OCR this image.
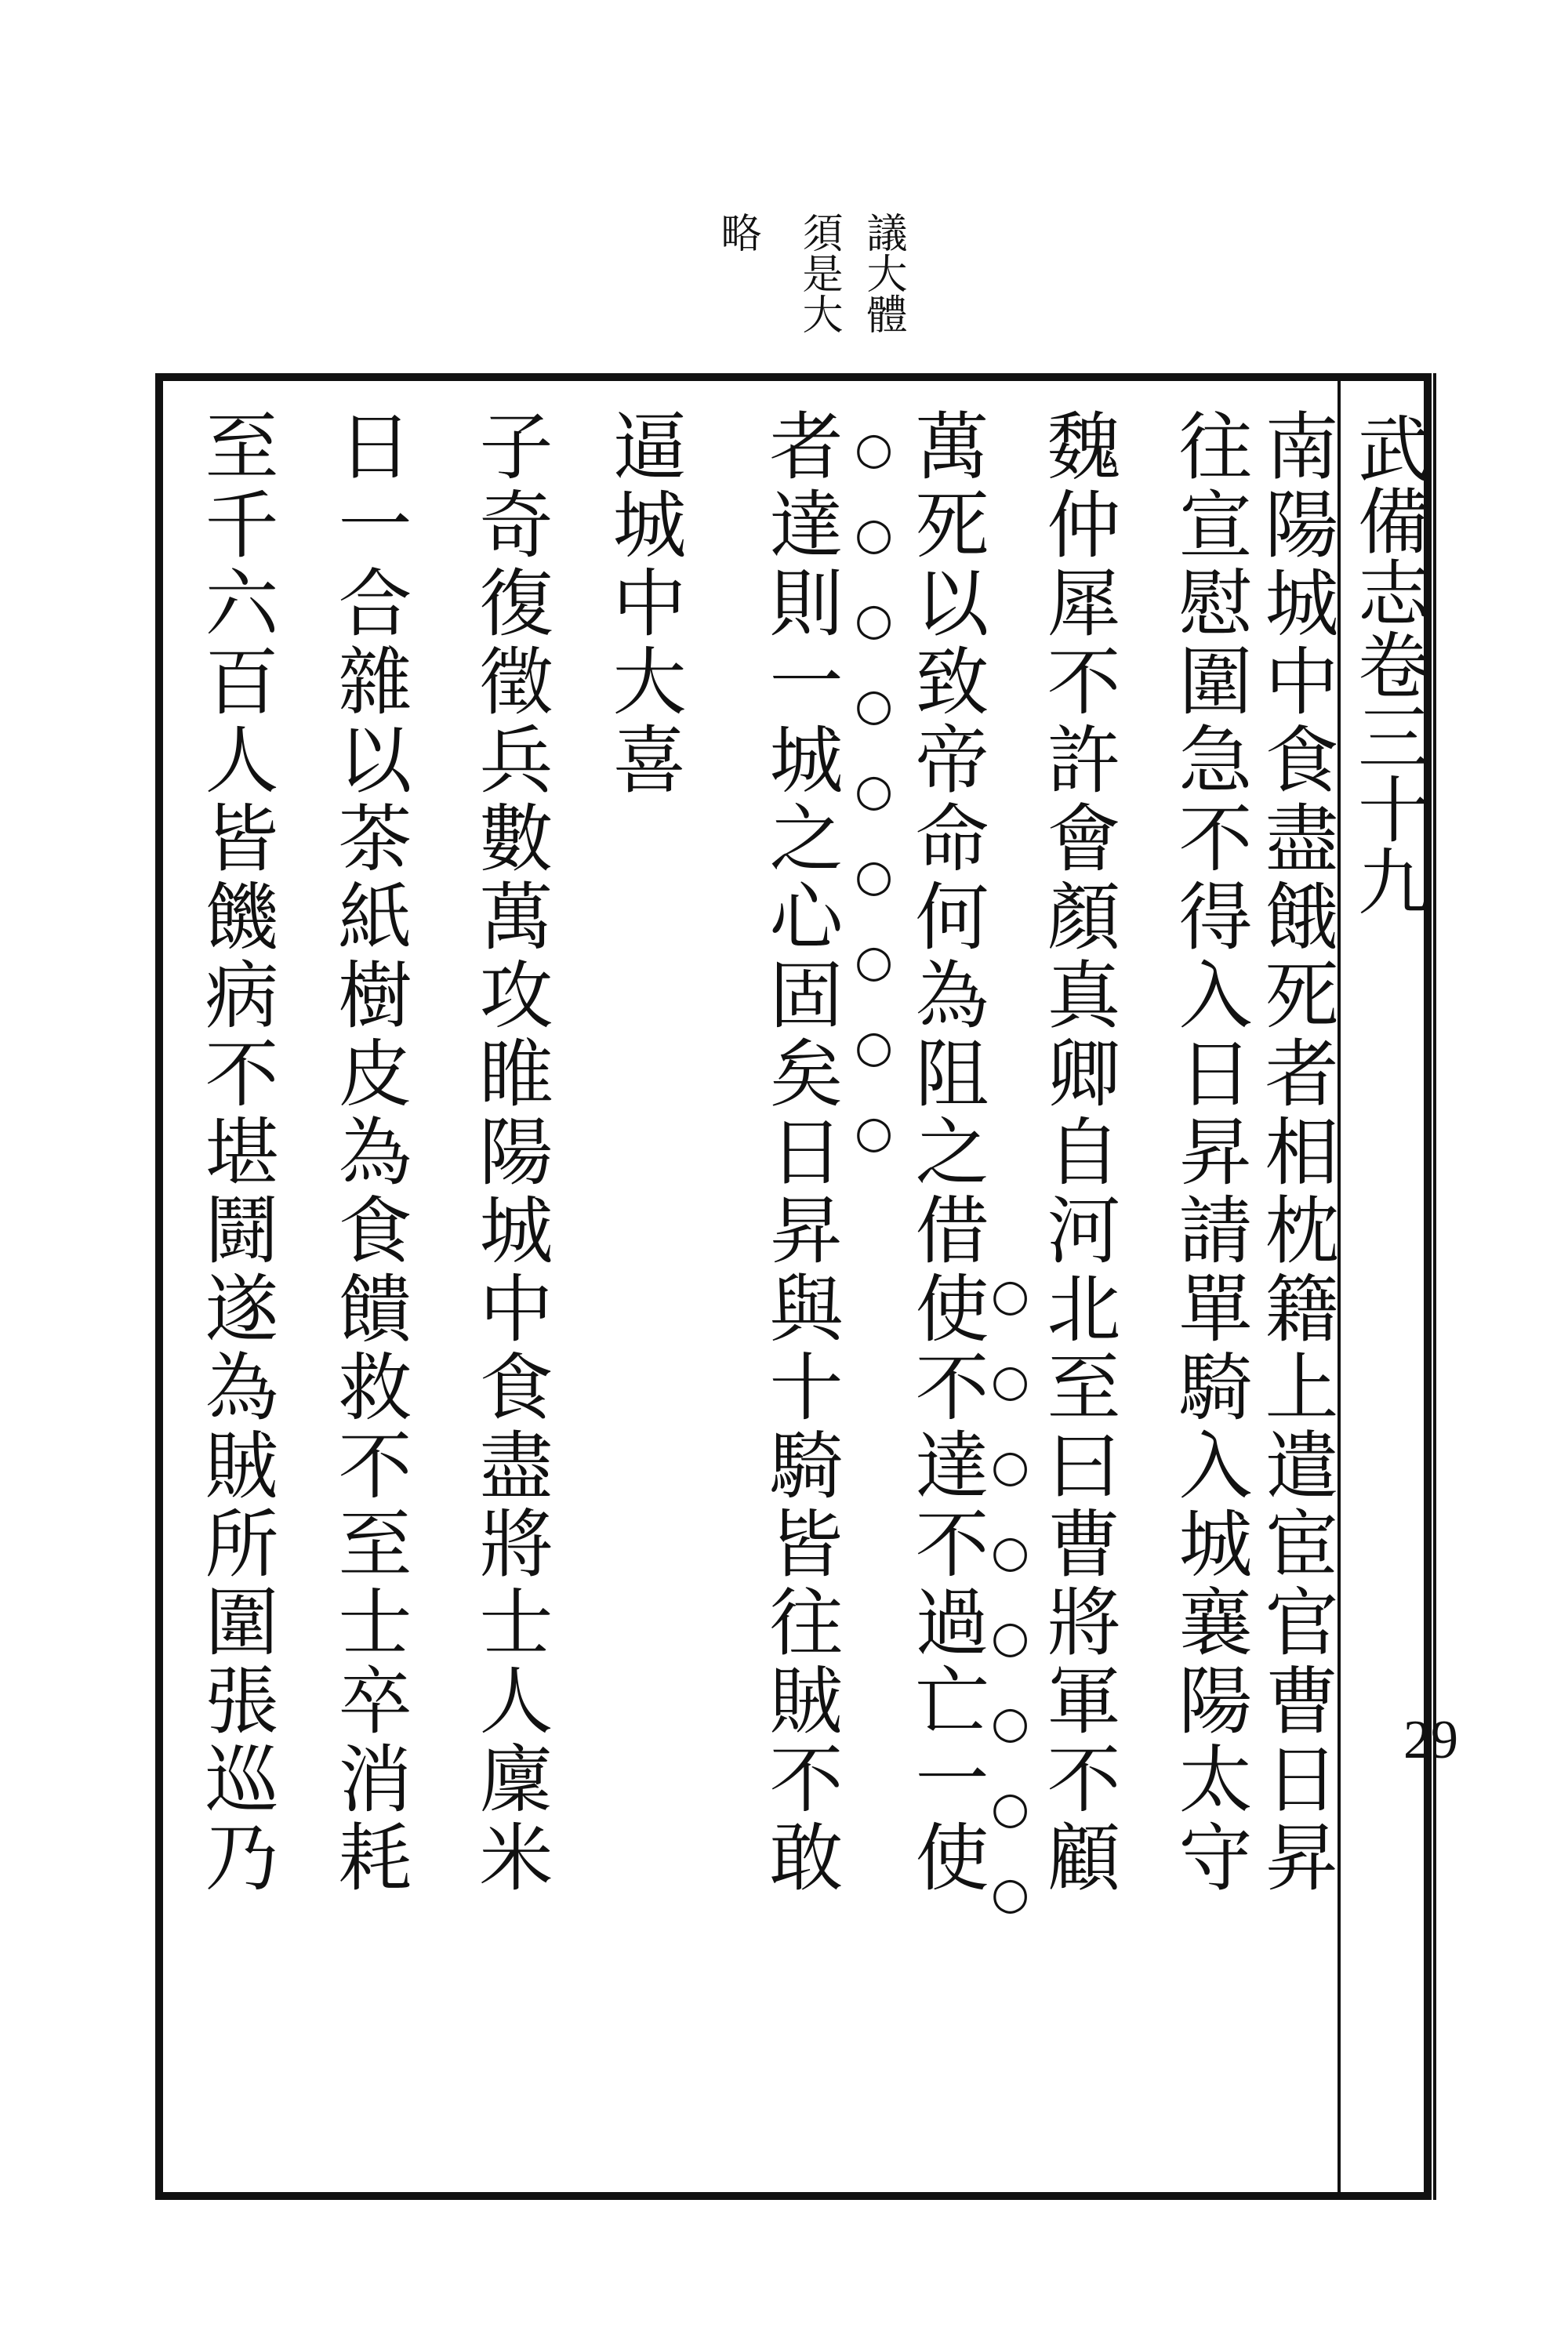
武備志卷三十九
29
議大體
須是大
略
南陽城中食盡餓死者相枕籍上遣宦官曹日昇
往宣慰圍急不得入日昇請單騎入城襄陽太守
魏仲犀不許會顏真卿自河北至曰曹將軍不顧
萬死以致帝命何為阻之借使不達不過亡一使
者達則一城之心固矣日昇與十騎皆往賊不敢
逼城中大喜
子奇復徵兵數萬攻睢陽城中食盡將士人廩米
日一合雜以茶紙樹皮為食饋救不至士卒消耗
至千六百人皆饑病不堪鬪遂為賊所圍張巡乃	○○○○○○○○
○○○○○○○○○
